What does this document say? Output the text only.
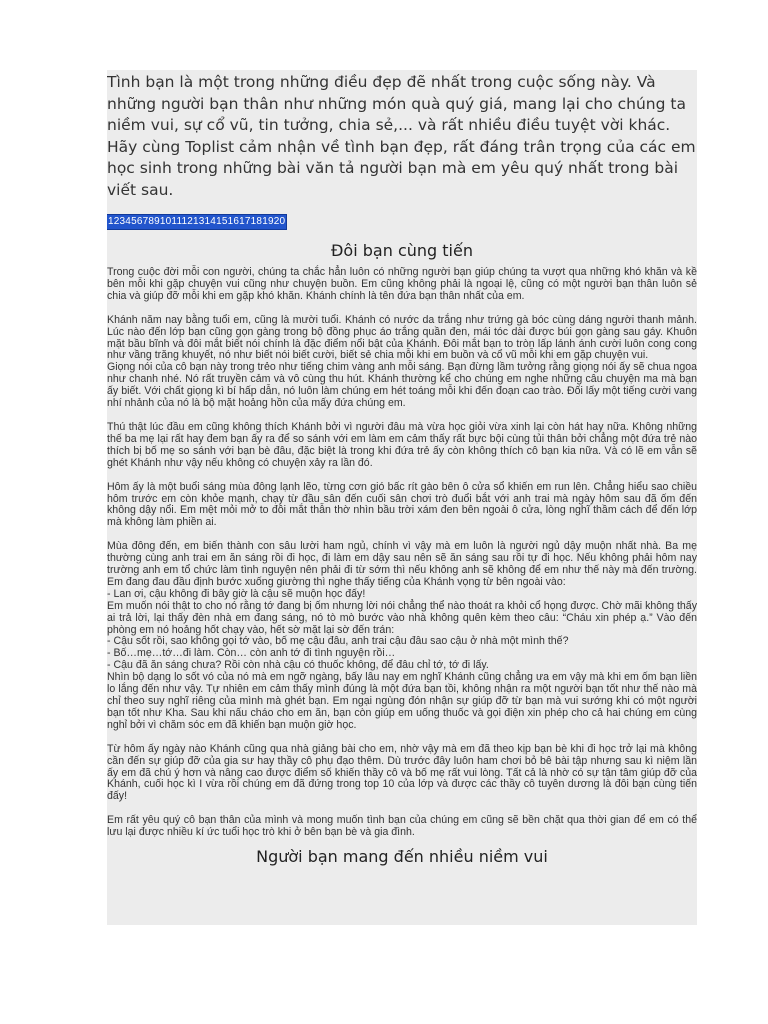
Tình bạn là một trong những điều đẹp đẽ nhất trong cuộc sống này. Và những người bạn thân như những món quà quý giá, mang lại cho chúng ta niềm vui, sự cổ vũ, tin tưởng, chia sẻ,... và rất nhiều điều tuyệt vời khác. Hãy cùng Toplist cảm nhận về tình bạn đẹp, rất đáng trân trọng của các em học sinh trong những bài văn tả người bạn mà em yêu quý nhất trong bài viết sau.

1234567891011121314151617181920
Đôi bạn cùng tiến

Trong cuộc đời mỗi con người, chúng ta chắc hẳn luôn có những người bạn giúp chúng ta vượt qua những khó khăn và kề bên mỗi khi gặp chuyện vui cũng như chuyện buồn. Em cũng không phải là ngoại lệ, cũng có một người bạn thân luôn sẻ chia và giúp đỡ mỗi khi em gặp khó khăn. Khánh chính là tên đứa bạn thân nhất của em.

Khánh năm nay bằng tuổi em, cũng là mười tuổi. Khánh có nước da trắng như trứng gà bóc cùng dáng người thanh mảnh. Lúc nào đến lớp bạn cũng gọn gàng trong bộ đồng phục áo trắng quần đen, mái tóc dài được búi gọn gàng sau gáy. Khuôn mặt bầu bĩnh và đôi mắt biết nói chính là đặc điểm nổi bật của Khánh. Đôi mắt bạn to tròn lấp lánh ánh cười luôn cong cong như vầng trăng khuyết, nó như biết nói biết cười, biết sẻ chia mỗi khi em buồn và cổ vũ mỗi khi em gặp chuyện vui.

Giọng nói của cô bạn này trong trẻo như tiếng chim vàng anh mỗi sáng. Bạn đừng lầm tưởng rằng giọng nói ấy sẽ chua ngoa như chanh nhé. Nó rất truyền cảm và vô cùng thu hút. Khánh thường kể cho chúng em nghe những câu chuyện ma mà bạn ấy biết. Với chất giọng kì bí hấp dẫn, nó luôn làm chúng em hét toáng mỗi khi đến đoạn cao trào. Đối lấy một tiếng cười vang nhí nhảnh của nó là bộ mặt hoảng hồn của mấy đứa chúng em.

Thú thật lúc đầu em cũng không thích Khánh bởi vì người đâu mà vừa học giỏi vừa xinh lại còn hát hay nữa. Không những thế ba mẹ lại rất hay đem bạn ấy ra để so sánh với em làm em cảm thấy rất bực bội cùng tủi thân bởi chẳng một đứa trẻ nào thích bị bố mẹ so sánh với bạn bè đâu, đặc biệt là trong khi đứa trẻ ấy còn không thích cô bạn kia nữa. Và có lẽ em vẫn sẽ ghét Khánh như vậy nếu không có chuyện xảy ra lần đó.

Hôm ấy là một buổi sáng mùa đông lạnh lẽo, từng cơn gió bấc rít gào bên ô cửa sổ khiến em run lên. Chẳng hiểu sao chiều hôm trước em còn khỏe mạnh, chạy từ đầu sân đến cuối sân chơi trò đuổi bắt với anh trai mà ngày hôm sau đã ốm đến không dậy nổi. Em mệt mỏi mở to đôi mắt thẫn thờ nhìn bầu trời xám đen bên ngoài ô cửa, lòng nghĩ thầm cách để đến lớp mà không làm phiền ai.

Mùa đông đến, em biến thành con sâu lười ham ngủ, chính vì vậy mà em luôn là người ngủ dậy muộn nhất nhà. Ba mẹ thường cùng anh trai em ăn sáng rồi đi học, đi làm em dậy sau nên sẽ ăn sáng sau rồi tự đi học. Nếu không phải hôm nay trường anh em tổ chức làm tình nguyện nên phải đi từ sớm thì nếu không anh sẽ không để em như thế này mà đến trường. Em đang đau đầu định bước xuống giường thì nghe thấy tiếng của Khánh vọng từ bên ngoài vào:

- Lan ơi, cậu không đi bây giờ là cậu sẽ muộn học đấy!

Em muốn nói thật to cho nó rằng tớ đang bị ốm nhưng lời nói chẳng thể nào thoát ra khỏi cổ họng được. Chờ mãi không thấy ai trả lời, lại thấy đèn nhà em đang sáng, nó tò mò bước vào nhà không quên kèm theo câu: “Cháu xin phép ạ.” Vào đến phòng em nó hoảng hốt chạy vào, hết sờ mặt lại sờ đến trán:

- Cậu sốt rồi, sao không gọi tớ vào, bố mẹ cậu đâu, anh trai cậu đâu sao cậu ở nhà một mình thế?

- Bố…mẹ…tớ…đi làm. Còn… còn anh tớ đi tình nguyện rồi…

- Cậu đã ăn sáng chưa? Rồi còn nhà cậu có thuốc không, để đâu chỉ tớ, tớ đi lấy.

Nhìn bộ dạng lo sốt vó của nó mà em ngỡ ngàng, bấy lâu nay em nghĩ Khánh cũng chẳng ưa em vậy mà khi em ốm bạn liền lo lắng đến như vậy. Tự nhiên em cảm thấy mình đúng là một đứa bạn tồi, không nhận ra một người bạn tốt như thế nào mà chỉ theo suy nghĩ riêng của mình mà ghét bạn. Em ngại ngùng đón nhận sự giúp đỡ từ bạn mà vui sướng khi có một người bạn tốt như Kha. Sau khi nấu cháo cho em ăn, bạn còn giúp em uống thuốc và gọi điện xin phép cho cả hai chúng em cùng nghỉ bởi vì chăm sóc em đã khiến bạn muộn giờ học.

Từ hôm ấy ngày nào Khánh cũng qua nhà giảng bài cho em, nhờ vậy mà em đã theo kịp bạn bè khi đi học trở lại mà không cần đến sự giúp đỡ của gia sư hay thầy cô phụ đạo thêm. Dù trước đây luôn ham chơi bỏ bê bài tập nhưng sau kì niệm lần ấy em đã chú ý hơn và nâng cao được điểm số khiến thầy cô và bố mẹ rất vui lòng. Tất cả là nhờ có sự tận tâm giúp đỡ của Khánh, cuối học kì I vừa rồi chúng em đã đứng trong top 10 của lớp và được các thầy cô tuyên dương là đôi bạn cùng tiến đấy!

Em rất yêu quý cô bạn thân của mình và mong muốn tình bạn của chúng em cũng sẽ bền chặt qua thời gian để em có thể lưu lại được nhiều kí ức tuổi học trò khi ở bên bạn bè và gia đình.

Người bạn mang đến nhiều niềm vui
